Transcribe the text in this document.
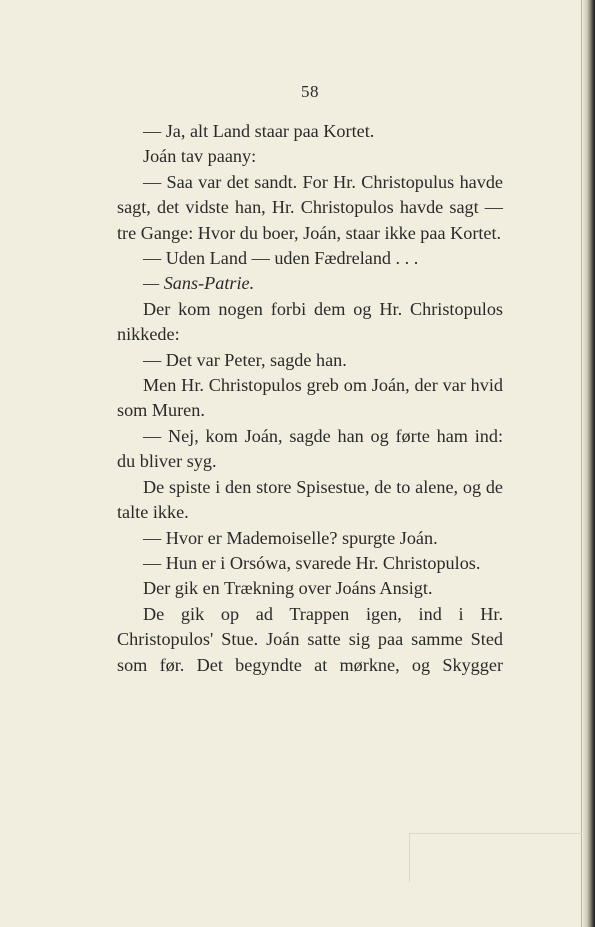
58

— Ja, alt Land staar paa Kortet.

Joán tav paany:

— Saa var det sandt. For Hr. Christopulus havde sagt, det vidste han, Hr. Christopulos havde sagt — tre Gange: Hvor du boer, Joán, staar ikke paa Kortet.

— Uden Land — uden Fædreland . . .

— Sans-Patrie.

Der kom nogen forbi dem og Hr. Christopulos nikkede:

— Det var Peter, sagde han.

Men Hr. Christopulos greb om Joán, der var hvid som Muren.

— Nej, kom Joán, sagde han og førte ham ind: du bliver syg.

De spiste i den store Spisestue, de to alene, og de talte ikke.

— Hvor er Mademoiselle? spurgte Joán.

— Hun er i Orsówa, svarede Hr. Christopulos.

Der gik en Trækning over Joáns Ansigt.

De gik op ad Trappen igen, ind i Hr. Christopulos' Stue. Joán satte sig paa samme Sted som før. Det begyndte at mørkne, og Skygger
